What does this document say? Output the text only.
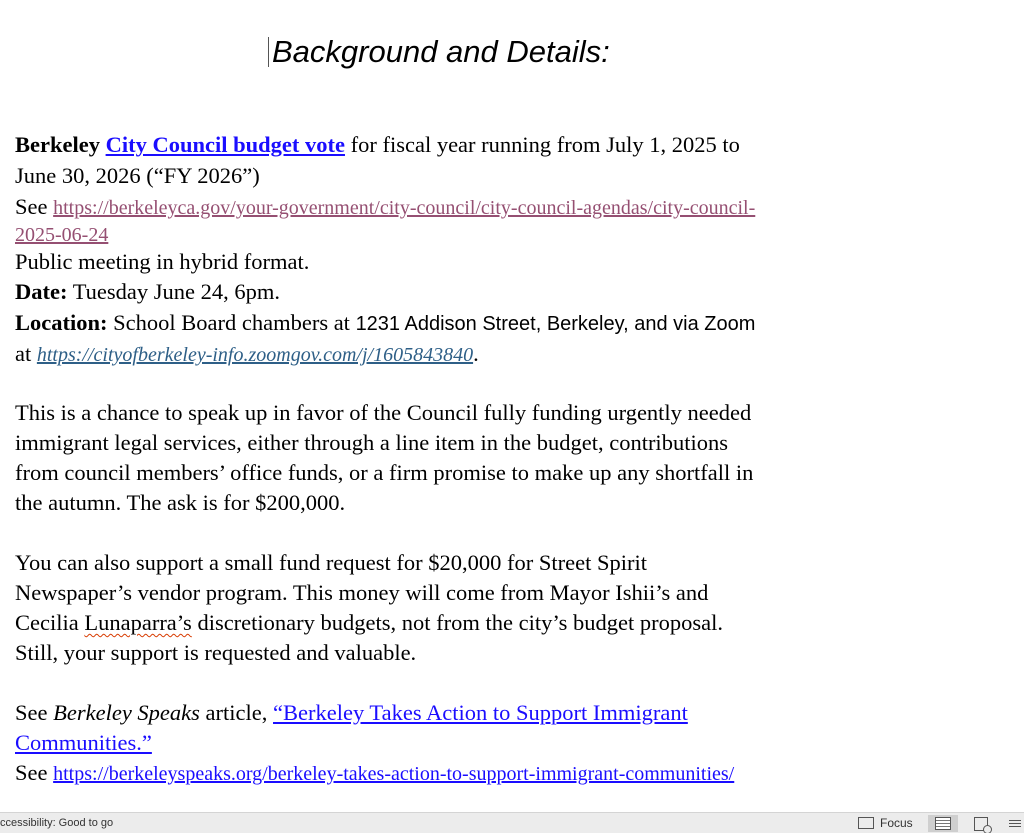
Background and Details:
Berkeley City Council budget vote for fiscal year running from July 1, 2025 to
June 30, 2026 (“FY 2026”)
See https://berkeleyca.gov/your-government/city-council/city-council-agendas/city-council-
2025-06-24
Public meeting in hybrid format.
Date: Tuesday June 24, 6pm.
Location: School Board chambers at 1231 Addison Street, Berkeley, and via Zoom
at https://cityofberkeley-info.zoomgov.com/j/1605843840.
This is a chance to speak up in favor of the Council fully funding urgently needed
immigrant legal services, either through a line item in the budget, contributions
from council members’ office funds, or a firm promise to make up any shortfall in
the autumn. The ask is for $200,000.
You can also support a small fund request for $20,000 for Street Spirit
Newspaper’s vendor program. This money will come from Mayor Ishii’s and
Cecilia Lunaparra’s discretionary budgets, not from the city’s budget proposal.
Still, your support is requested and valuable.
See Berkeley Speaks article, “Berkeley Takes Action to Support Immigrant
Communities.”
See https://berkeleyspeaks.org/berkeley-takes-action-to-support-immigrant-communities/
ccessibility: Good to go	Focus
